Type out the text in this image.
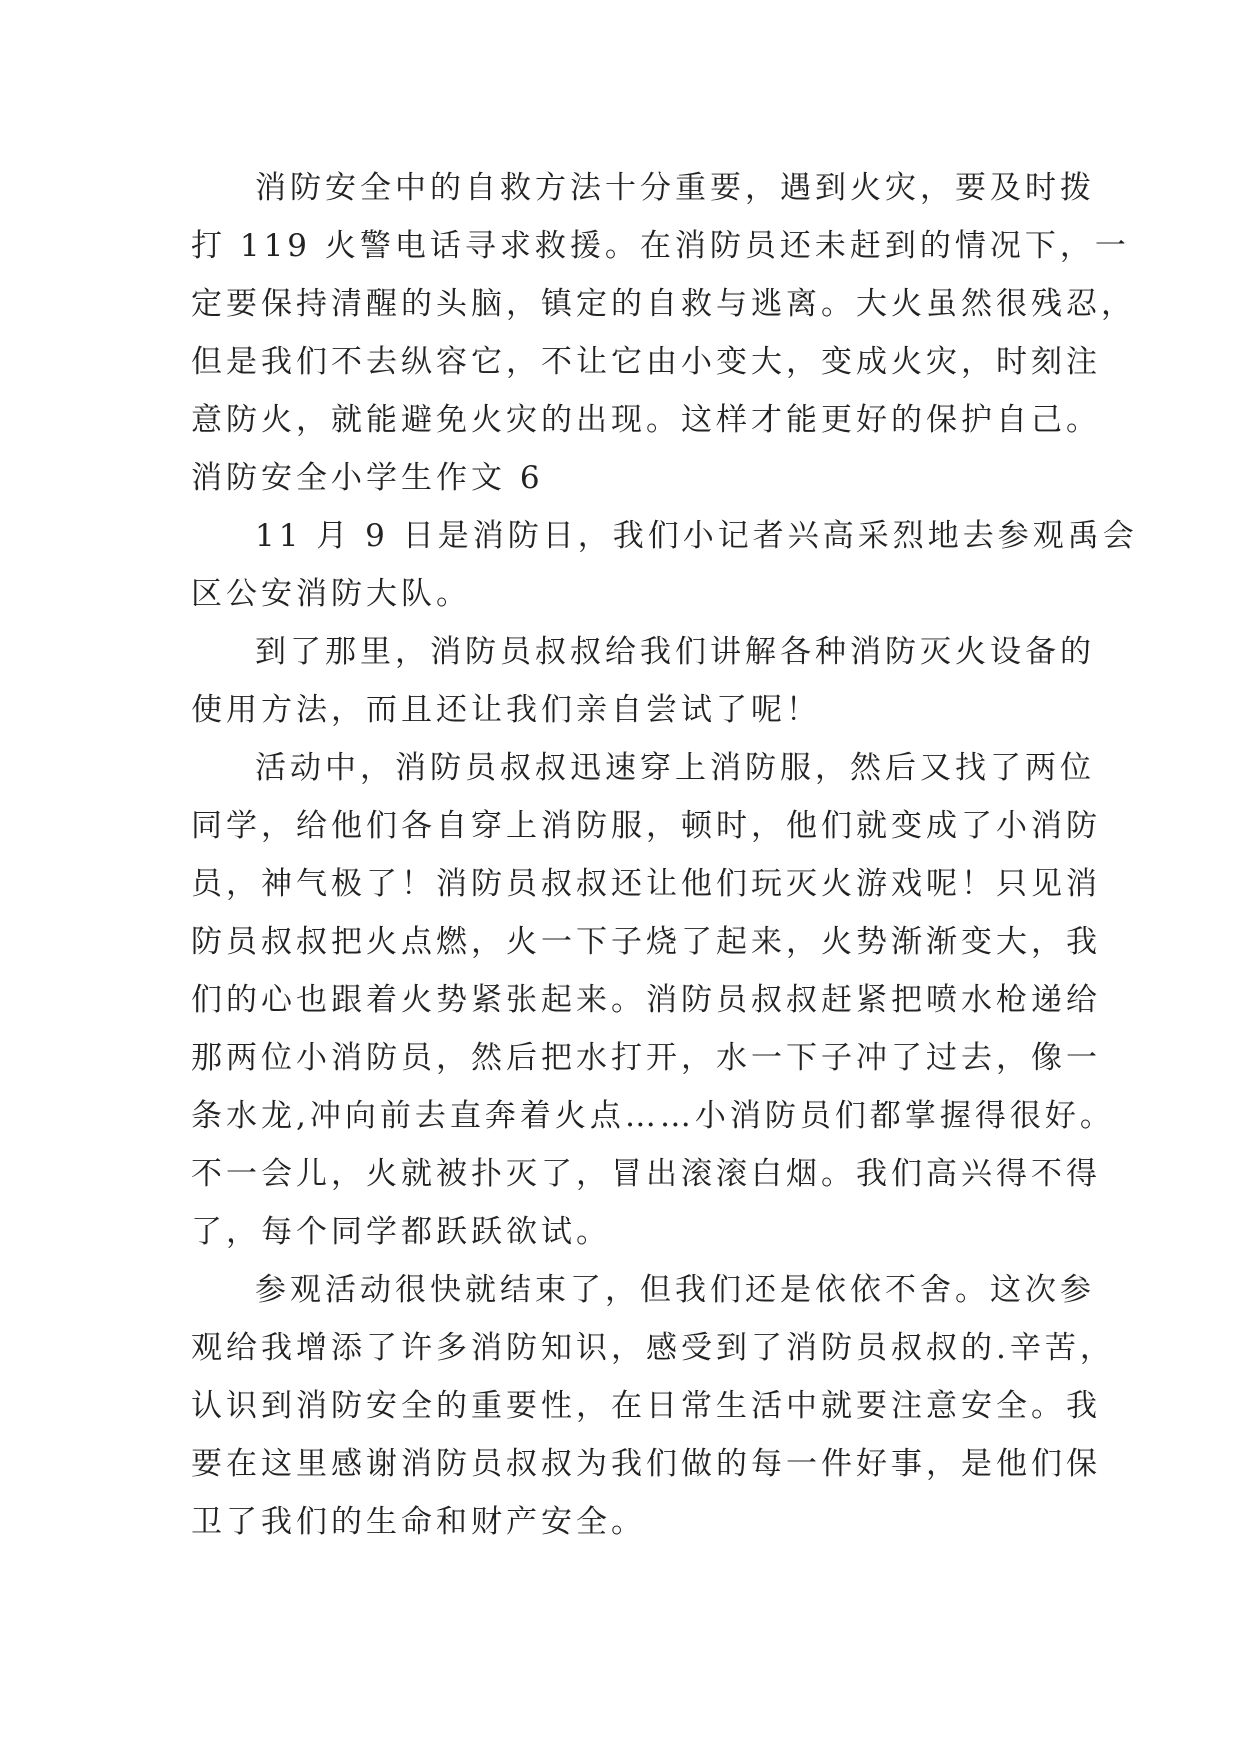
消防安全中的自救方法十分重要，遇到火灾，要及时拨
打 119 火警电话寻求救援。在消防员还未赶到的情况下，一
定要保持清醒的头脑，镇定的自救与逃离。大火虽然很残忍，
但是我们不去纵容它，不让它由小变大，变成火灾，时刻注
意防火，就能避免火灾的出现。这样才能更好的保护自己。
消防安全小学生作文 6
11 月 9 日是消防日，我们小记者兴高采烈地去参观禹会
区公安消防大队。
到了那里，消防员叔叔给我们讲解各种消防灭火设备的
使用方法，而且还让我们亲自尝试了呢！
活动中，消防员叔叔迅速穿上消防服，然后又找了两位
同学，给他们各自穿上消防服，顿时，他们就变成了小消防
员，神气极了！消防员叔叔还让他们玩灭火游戏呢！只见消
防员叔叔把火点燃，火一下子烧了起来，火势渐渐变大，我
们的心也跟着火势紧张起来。消防员叔叔赶紧把喷水枪递给
那两位小消防员，然后把水打开，水一下子冲了过去，像一
条水龙,冲向前去直奔着火点……小消防员们都掌握得很好。
不一会儿，火就被扑灭了，冒出滚滚白烟。我们高兴得不得
了，每个同学都跃跃欲试。
参观活动很快就结束了，但我们还是依依不舍。这次参
观给我增添了许多消防知识，感受到了消防员叔叔的.辛苦，
认识到消防安全的重要性，在日常生活中就要注意安全。我
要在这里感谢消防员叔叔为我们做的每一件好事，是他们保
卫了我们的生命和财产安全。
